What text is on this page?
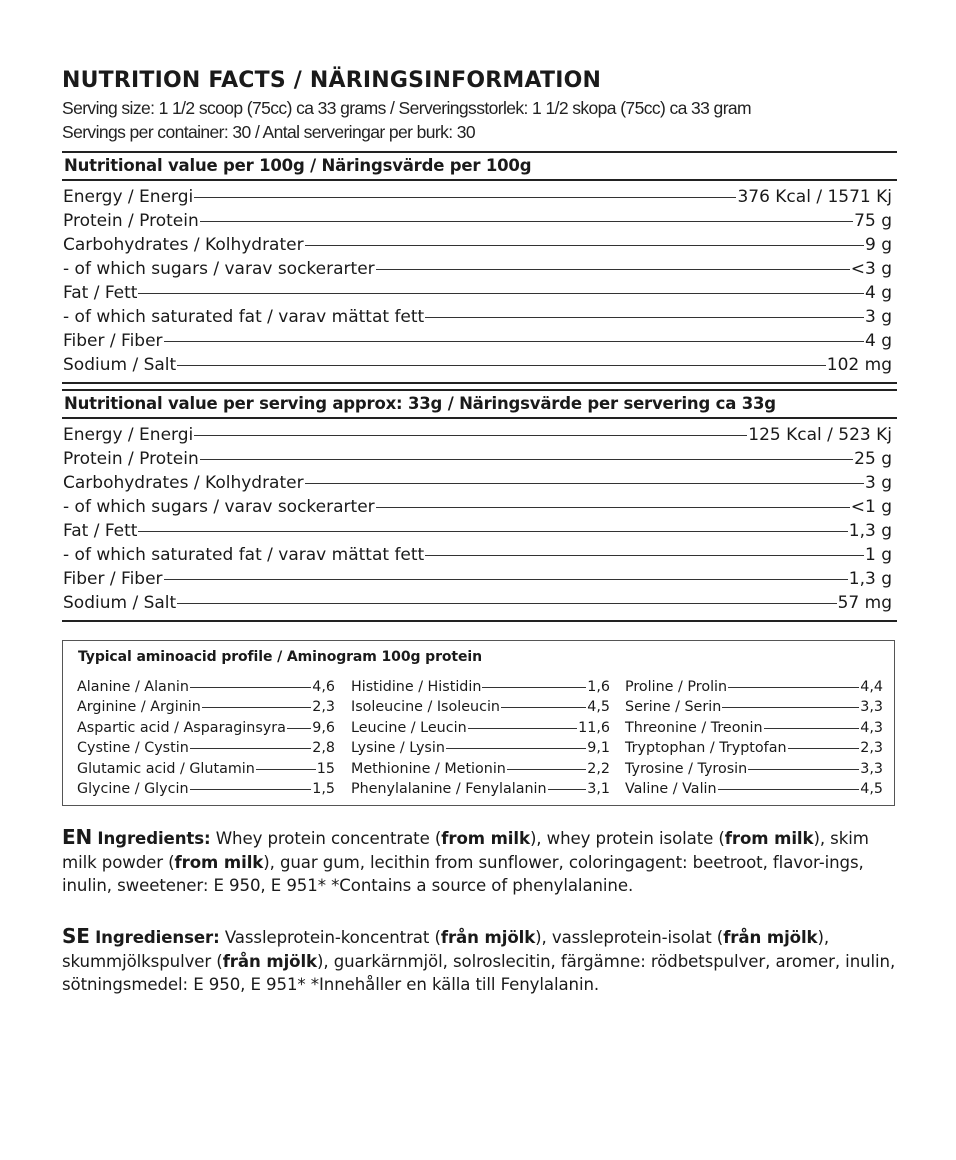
NUTRITION FACTS / NÄRINGSINFORMATION
Serving size: 1 1/2 scoop (75cc) ca 33 grams / Serveringsstorlek: 1 1/2 skopa (75cc) ca 33 gram
Servings per container: 30 / Antal serveringar per burk: 30
Nutritional value per 100g / Näringsvärde per 100g
Energy / Energi	376 Kcal / 1571 Kj
Protein / Protein	75 g
Carbohydrates / Kolhydrater	9 g
- of which sugars / varav sockerarter	<3 g
Fat / Fett	4 g
- of which saturated fat / varav mättat fett	3 g
Fiber / Fiber	4 g
Sodium / Salt	102 mg
Nutritional value per serving approx: 33g / Näringsvärde per servering ca 33g
Energy / Energi	125 Kcal / 523 Kj
Protein / Protein	25 g
Carbohydrates / Kolhydrater	3 g
- of which sugars / varav sockerarter	<1 g
Fat / Fett	1,3 g
- of which saturated fat / varav mättat fett	1 g
Fiber / Fiber	1,3 g
Sodium / Salt	57 mg
Typical aminoacid profile / Aminogram 100g protein
Alanine / Alanin	4,6
Arginine / Arginin	2,3
Aspartic acid / Asparaginsyra 9,6
Cystine / Cystin	2,8
Glutamic acid / Glutamin	15
Glycine / Glycin	1,5
Histidine / Histidin	1,6
Isoleucine / Isoleucin	4,5
Leucine / Leucin	11,6
Lysine / Lysin	9,1
Methionine / Metionin	2,2
Phenylalanine / Fenylalanin	3,1
Proline / Prolin	4,4
Serine / Serin	3,3
Threonine / Treonin	4,3
Tryptophan / Tryptofan	2,3
Tyrosine / Tyrosin	3,3
Valine / Valin	4,5
EN Ingredients: Whey protein concentrate (from milk), whey protein isolate (from milk), skim milk powder (from milk), guar gum, lecithin from sunflower, coloringagent: beetroot, flavor-ings, inulin, sweetener: E 950, E 951* *Contains a source of phenylalanine.
SE Ingredienser: Vassleprotein-koncentrat (från mjölk), vassleprotein-isolat (från mjölk), skummjölkspulver (från mjölk), guarkärnmjöl, solroslecitin, färgämne: rödbetspulver, aromer, inulin, sötningsmedel: E 950, E 951* *Innehåller en källa till Fenylalanin.
